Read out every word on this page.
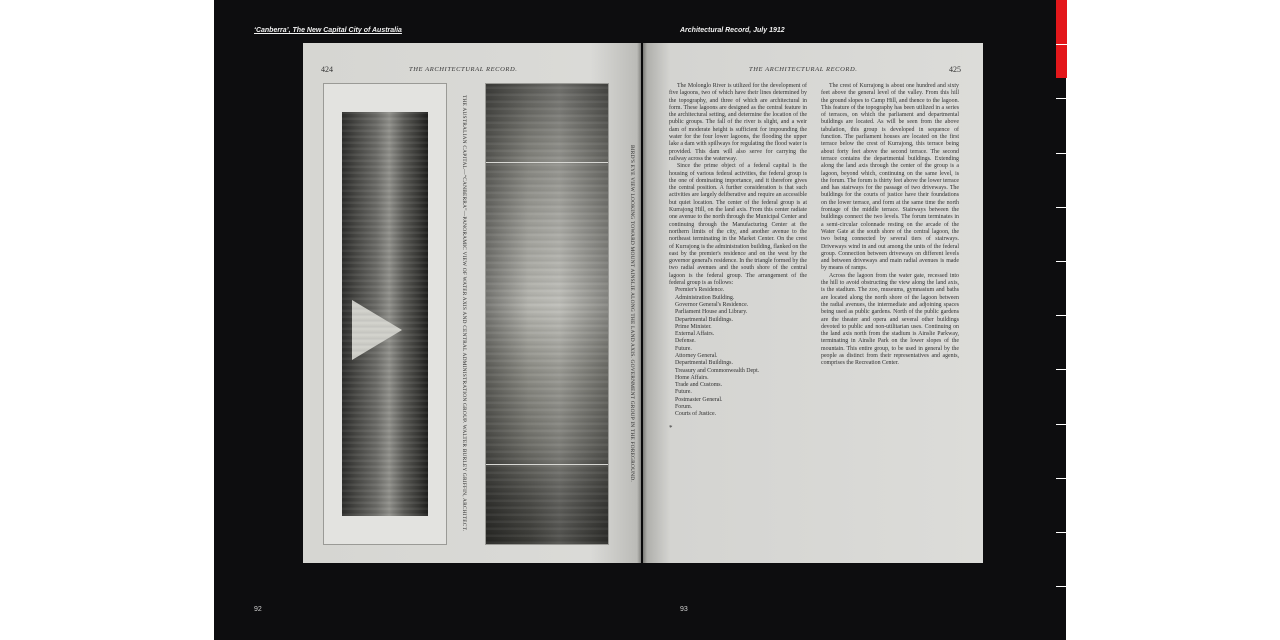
‘Canberra’, The New Capital City of Australia	Architectural Record, July 1912
424	THE ARCHITECTURAL RECORD.
THE AUSTRALIAN CAPITAL—“CANBERRA”—PANORAMIC VIEW OF WATER AXIS AND CENTRAL ADMINISTRATION GROUP. WALTER BURLEY GRIFFIN, ARCHITECT.	BIRD'S EYE VIEW LOOKING TOWARD MOUNT AINSLIE ALONG THE LAND AXIS. GOVERNMENT GROUP IN THE FOREGROUND.
THE ARCHITECTURAL RECORD.	425

The Molonglo River is utilized for the development of five lagoons, two of which have their lines determined by the topography, and three of which are architectural in form. These lagoons are designed as the central feature in the architectural setting, and determine the location of the public groups. The fall of the river is slight, and a weir dam of moderate height is sufficient for impounding the water for the four lower lagoons, the flooding the upper lake a dam with spillways for regulating the flood water is provided. This dam will also serve for carrying the railway across the waterway.

Since the prime object of a federal capital is the housing of various federal activities, the federal group is the one of dominating importance, and it therefore gives the central position. A further consideration is that such activities are largely deliberative and require an accessible but quiet location. The center of the federal group is at Kurrajong Hill, on the land axis. From this center radiate one avenue to the north through the Municipal Center and continuing through the Manufacturing Center at the northern limits of the city, and another avenue to the northeast terminating in the Market Center. On the crest of Kurrajong is the administration building, flanked on the east by the premier's residence and on the west by the governor general's residence. In the triangle formed by the two radial avenues and the south shore of the central lagoon is the federal group. The arrangement of the federal group is as follows:

Premier's Residence.
Administration Building.
Governor General's Residence.
Parliament House and Library.
Departmental Buildings.
Prime Minister.
External Affairs.
Defense.
Future.
Attorney General.
Departmental Buildings.
Treasury and Commonwealth Dept.
Home Affairs.
Trade and Customs.
Future.
Postmaster General.
Forum.
Courts of Justice.
*

The crest of Kurrajong is about one hundred and sixty feet above the general level of the valley. From this hill the ground slopes to Camp Hill, and thence to the lagoon. This feature of the topography has been utilized in a series of terraces, on which the parliament and departmental buildings are located. As will be seen from the above tabulation, this group is developed in sequence of function. The parliament houses are located on the first terrace below the crest of Kurrajong, this terrace being about forty feet above the second terrace. The second terrace contains the departmental buildings. Extending along the land axis through the center of the group is a lagoon, beyond which, continuing on the same level, is the forum. The forum is thirty feet above the lower terrace and has stairways for the passage of two driveways. The buildings for the courts of justice have their foundations on the lower terrace, and form at the same time the north frontage of the middle terrace. Stairways between the buildings connect the two levels. The forum terminates in a semi-circular colonnade resting on the arcade of the Water Gate at the south shore of the central lagoon, the two being connected by several tiers of stairways. Driveways wind in and out among the units of the federal group. Connection between driveways on different levels and between driveways and main radial avenues is made by means of ramps.

Across the lagoon from the water gate, recessed into the hill to avoid obstructing the view along the land axis, is the stadium. The zoo, museums, gymnasium and baths are located along the north shore of the lagoon between the radial avenues, the intermediate and adjoining spaces being used as public gardens. North of the public gardens are the theater and opera and several other buildings devoted to public and non-utilitarian uses. Continuing on the land axis north from the stadium is Ainslie Parkway, terminating in Ainslie Park on the lower slopes of the mountain. This entire group, to be used in general by the people as distinct from their representatives and agents, comprises the Recreation Center.

92	93
